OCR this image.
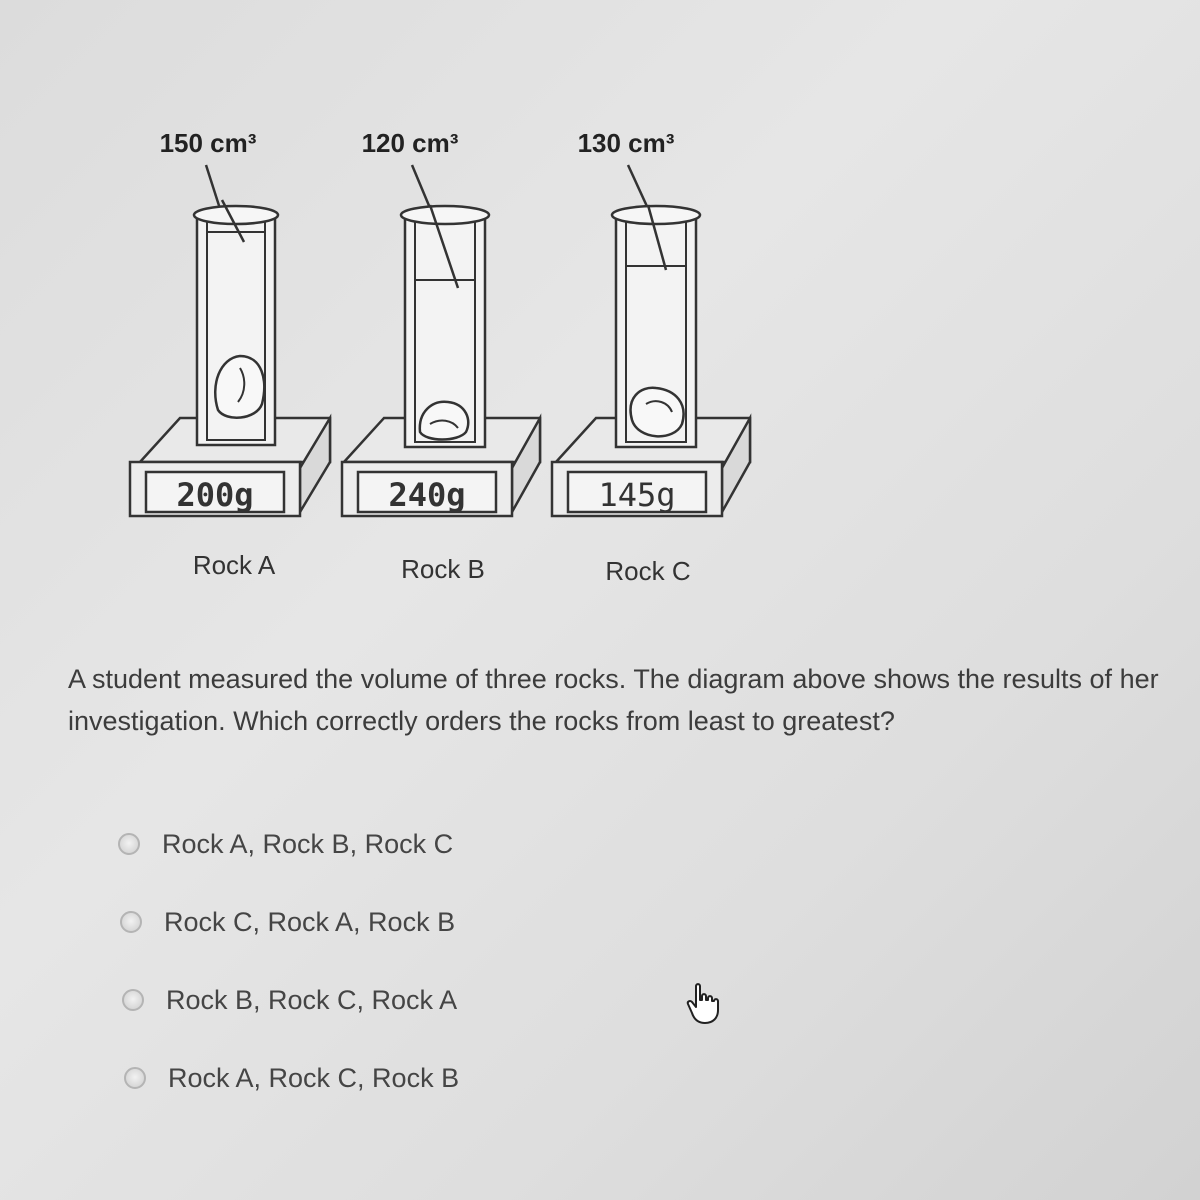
150 cm³
200g
Rock A
120 cm³
240g
Rock B
130 cm³
145g
Rock C

A student measured the volume of three rocks. The diagram above shows the results of her investigation. Which correctly orders the rocks from least to greatest?

Rock A, Rock B, Rock C
Rock C, Rock A, Rock B
Rock B, Rock C, Rock A
Rock A, Rock C, Rock B
